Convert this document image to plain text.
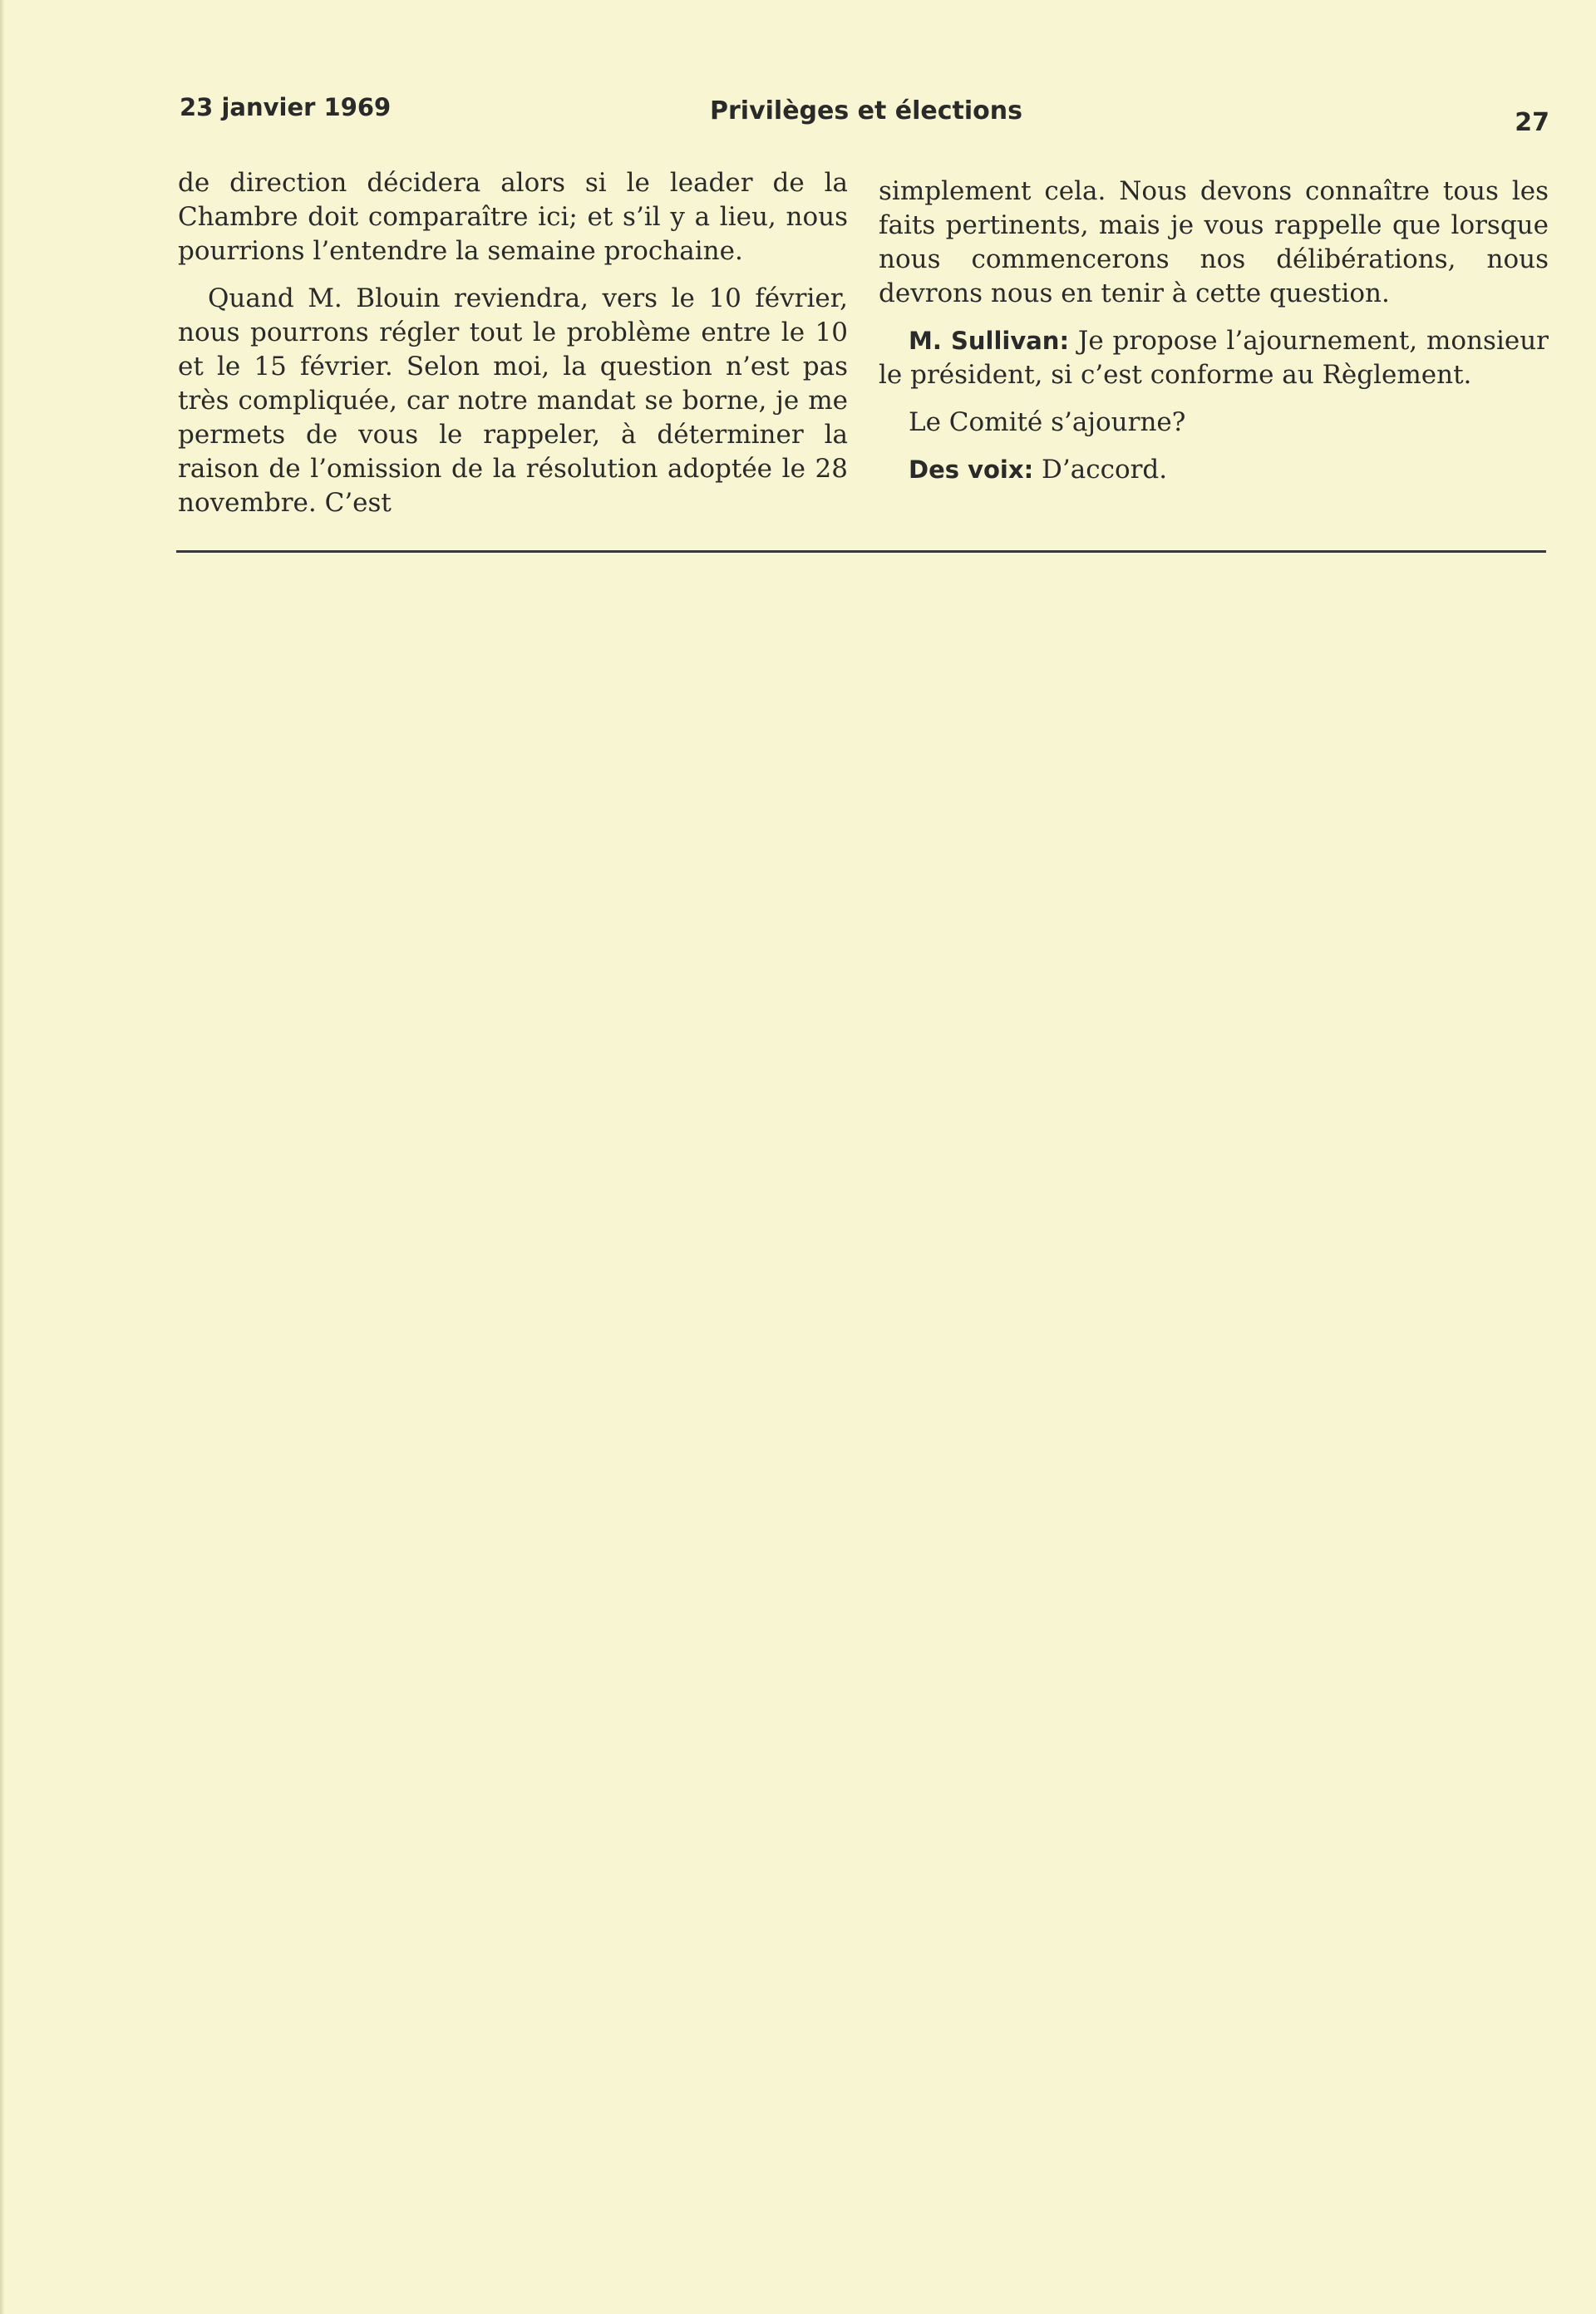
23 janvier 1969	Privilèges et élections	27

de direction décidera alors si le leader de la Chambre doit comparaître ici; et s’il y a lieu, nous pourrions l’entendre la semaine prochaine.

Quand M. Blouin reviendra, vers le 10 février, nous pourrons régler tout le problème entre le 10 et le 15 février. Selon moi, la question n’est pas très compliquée, car notre mandat se borne, je me permets de vous le rappeler, à déterminer la raison de l’omission de la résolution adoptée le 28 novembre. C’est

simplement cela. Nous devons connaître tous les faits pertinents, mais je vous rappelle que lorsque nous commencerons nos délibérations, nous devrons nous en tenir à cette question.

M. Sullivan: Je propose l’ajournement, monsieur le président, si c’est conforme au Règlement.

Le Comité s’ajourne?

Des voix: D’accord.
